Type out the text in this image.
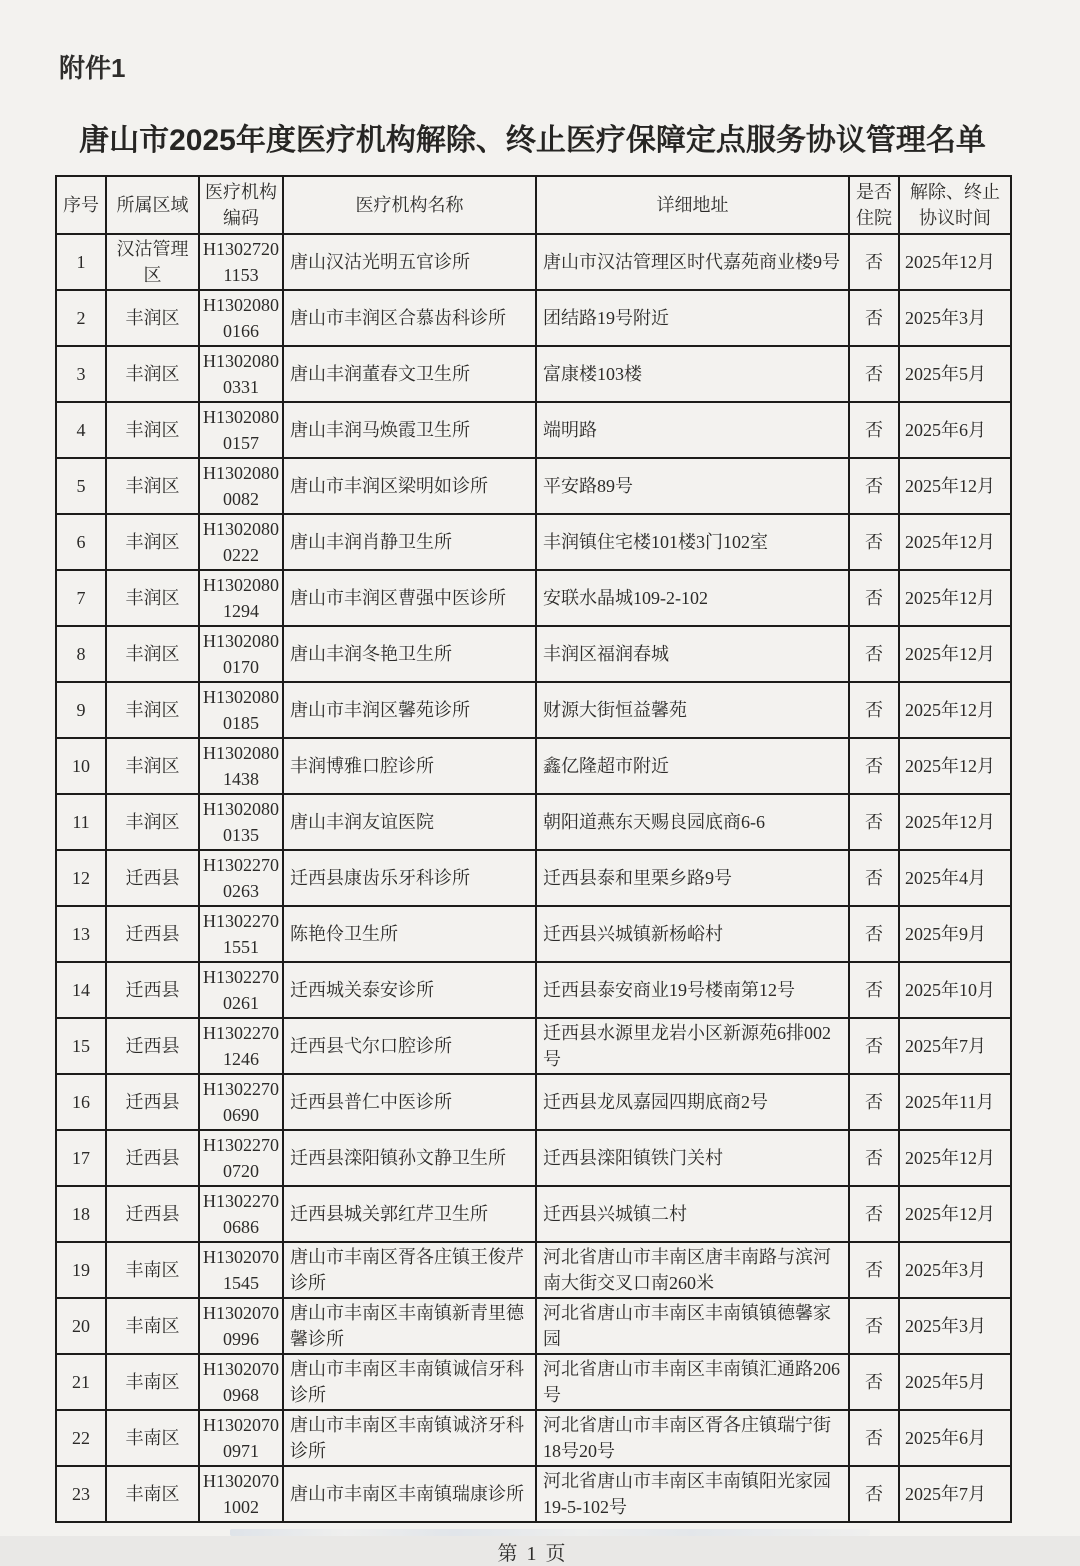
附件1
唐山市2025年度医疗机构解除、终止医疗保障定点服务协议管理名单
序号	所属区域	医疗机构编码	医疗机构名称	详细地址	是否住院	解除、终止协议时间
1	汉沽管理区	H13027201153	唐山汉沽光明五官诊所	唐山市汉沽管理区时代嘉苑商业楼9号	否	2025年12月
2	丰润区	H13020800166	唐山市丰润区合慕齿科诊所	团结路19号附近	否	2025年3月
3	丰润区	H13020800331	唐山丰润董春文卫生所	富康楼103楼	否	2025年5月
4	丰润区	H13020800157	唐山丰润马焕霞卫生所	端明路	否	2025年6月
5	丰润区	H13020800082	唐山市丰润区梁明如诊所	平安路89号	否	2025年12月
6	丰润区	H13020800222	唐山丰润肖静卫生所	丰润镇住宅楼101楼3门102室	否	2025年12月
7	丰润区	H13020801294	唐山市丰润区曹强中医诊所	安联水晶城109-2-102	否	2025年12月
8	丰润区	H13020800170	唐山丰润冬艳卫生所	丰润区福润春城	否	2025年12月
9	丰润区	H13020800185	唐山市丰润区馨苑诊所	财源大街恒益馨苑	否	2025年12月
10	丰润区	H13020801438	丰润博雅口腔诊所	鑫亿隆超市附近	否	2025年12月
11	丰润区	H13020800135	唐山丰润友谊医院	朝阳道燕东天赐良园底商6-6	否	2025年12月
12	迁西县	H13022700263	迁西县康齿乐牙科诊所	迁西县泰和里栗乡路9号	否	2025年4月
13	迁西县	H13022701551	陈艳伶卫生所	迁西县兴城镇新杨峪村	否	2025年9月
14	迁西县	H13022700261	迁西城关泰安诊所	迁西县泰安商业19号楼南第12号	否	2025年10月
15	迁西县	H13022701246	迁西县弋尔口腔诊所	迁西县水源里龙岩小区新源苑6排002号	否	2025年7月
16	迁西县	H13022700690	迁西县普仁中医诊所	迁西县龙凤嘉园四期底商2号	否	2025年11月
17	迁西县	H13022700720	迁西县滦阳镇孙文静卫生所	迁西县滦阳镇铁门关村	否	2025年12月
18	迁西县	H13022700686	迁西县城关郭红芹卫生所	迁西县兴城镇二村	否	2025年12月
19	丰南区	H13020701545	唐山市丰南区胥各庄镇王俊芹诊所	河北省唐山市丰南区唐丰南路与滨河南大街交叉口南260米	否	2025年3月
20	丰南区	H13020700996	唐山市丰南区丰南镇新青里德馨诊所	河北省唐山市丰南区丰南镇镇德馨家园	否	2025年3月
21	丰南区	H13020700968	唐山市丰南区丰南镇诚信牙科诊所	河北省唐山市丰南区丰南镇汇通路206号	否	2025年5月
22	丰南区	H13020700971	唐山市丰南区丰南镇诚济牙科诊所	河北省唐山市丰南区胥各庄镇瑞宁街18号20号	否	2025年6月
23	丰南区	H13020701002	唐山市丰南区丰南镇瑞康诊所	河北省唐山市丰南区丰南镇阳光家园19-5-102号	否	2025年7月
第 1 页
